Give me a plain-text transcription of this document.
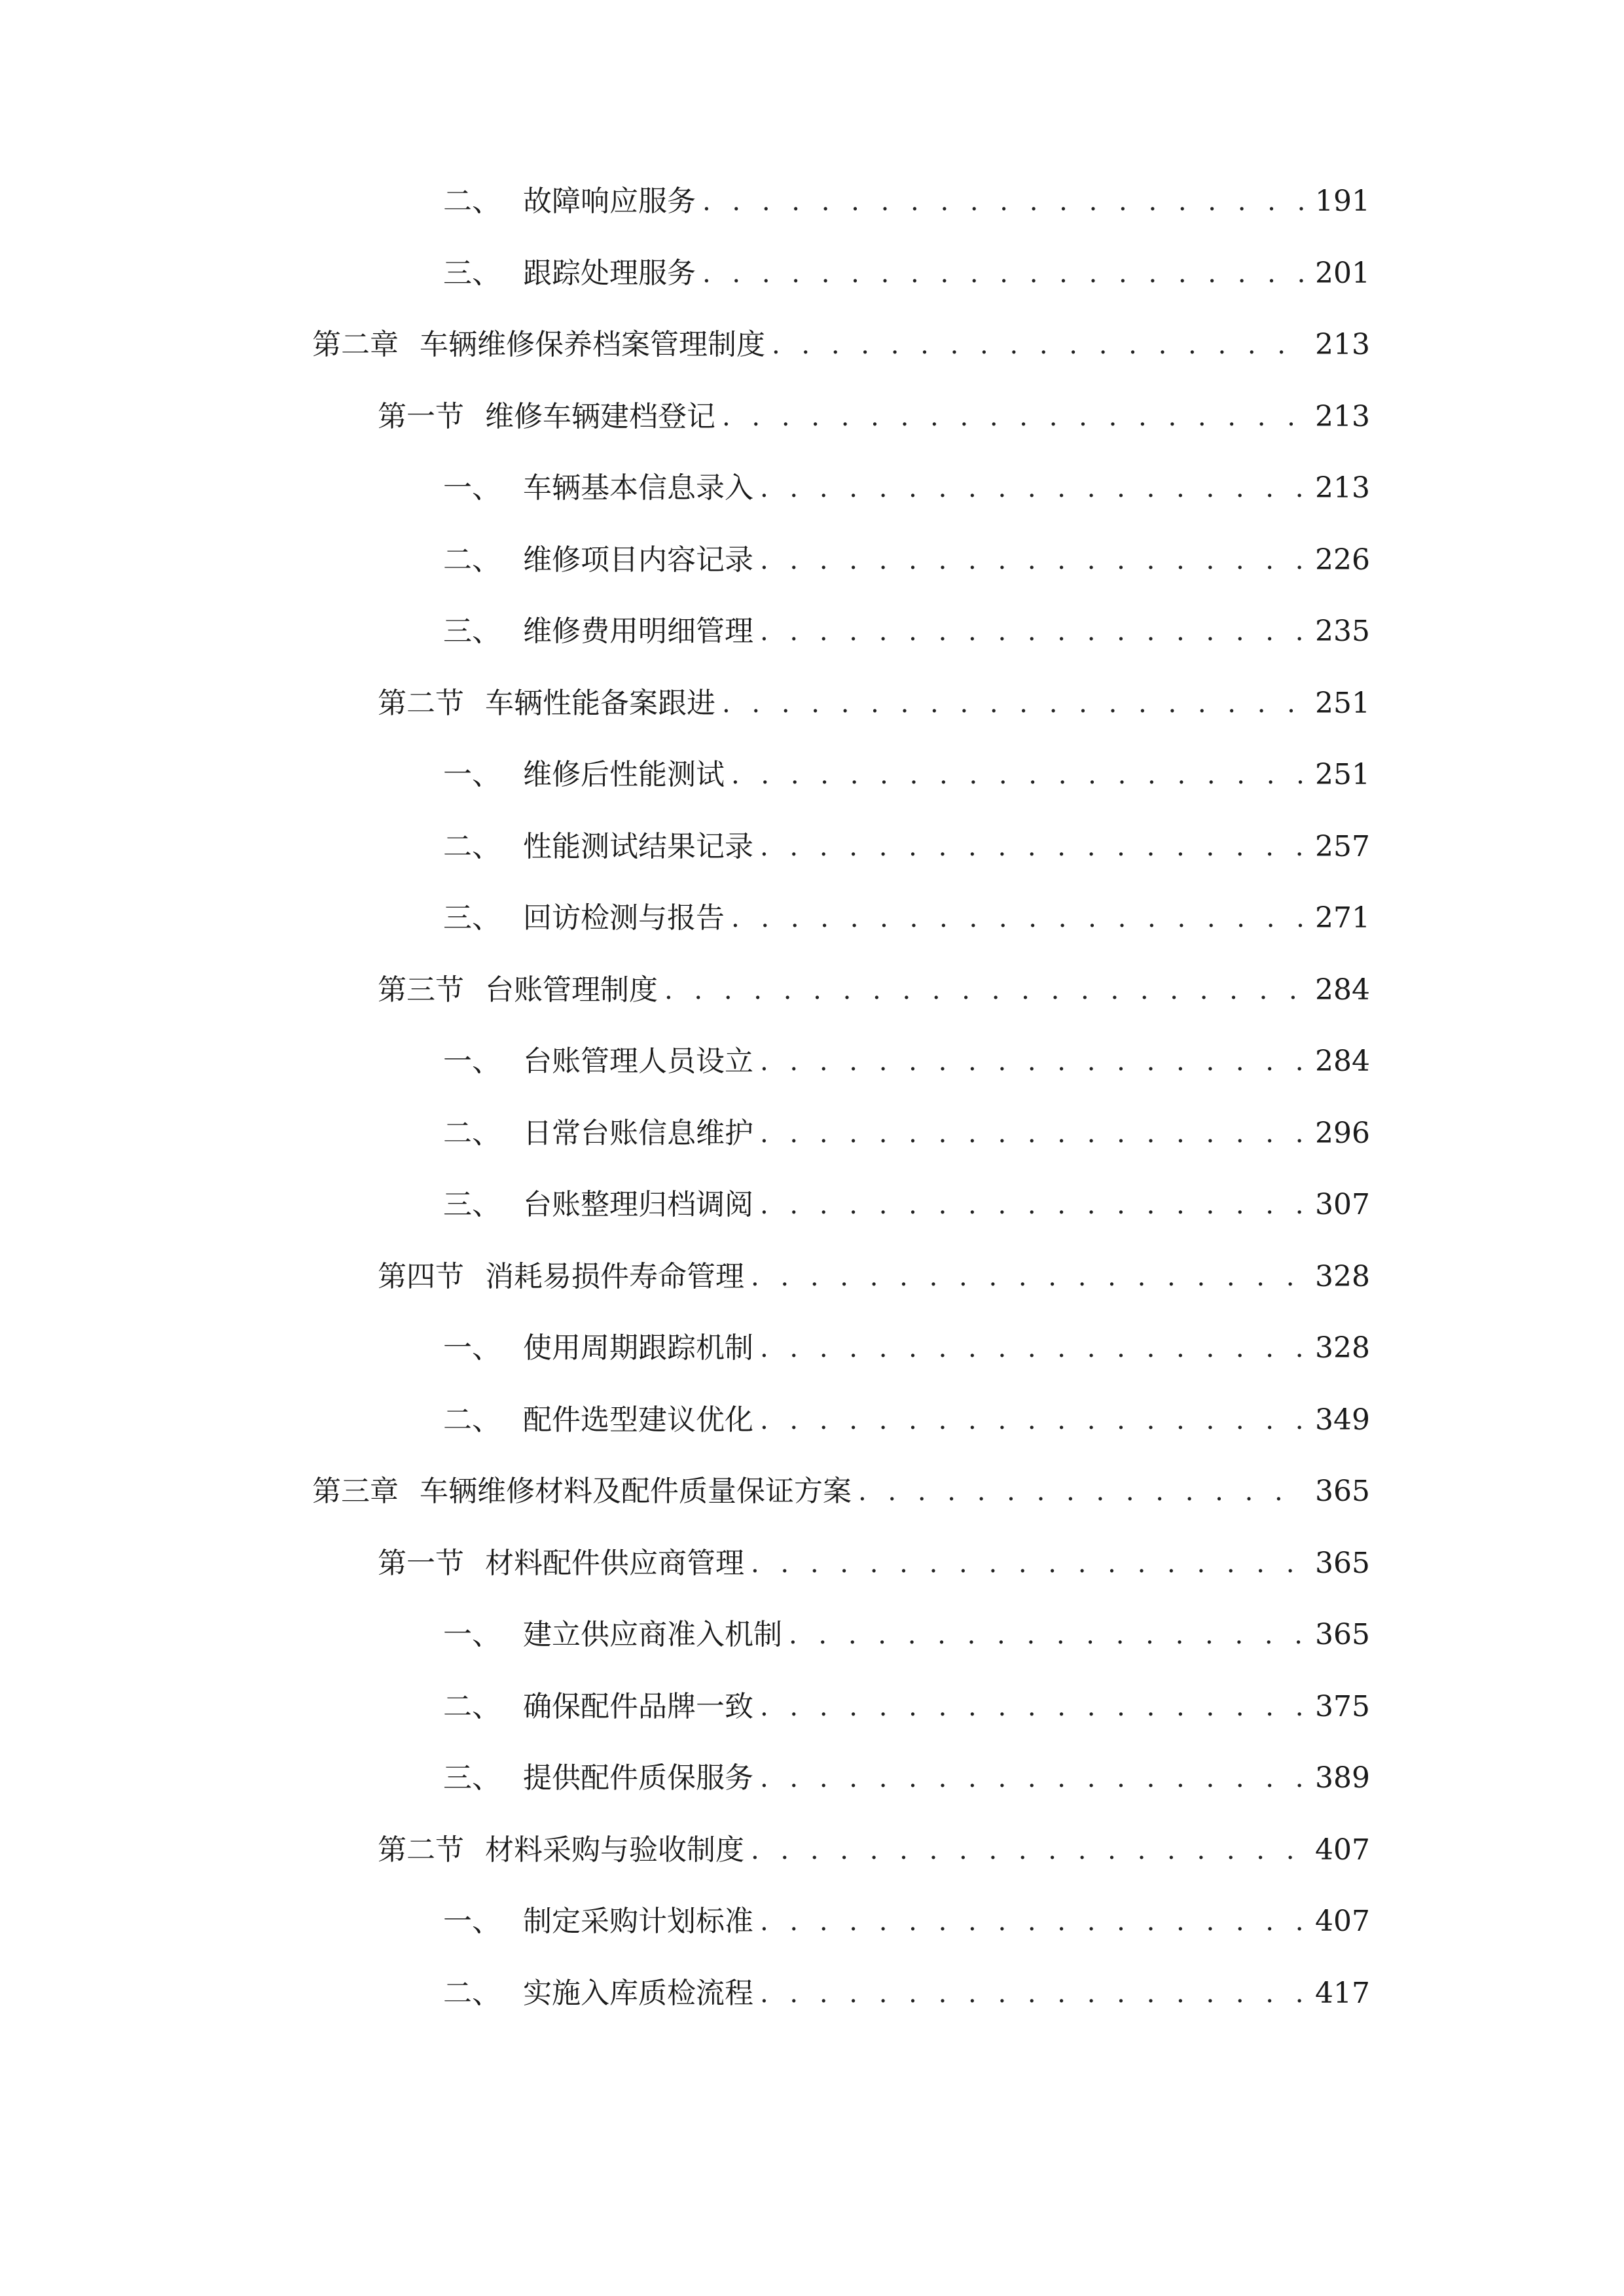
二、 故障响应服务 . . .	191
三、 跟踪处理服务 . . .	201
第二章 车辆维修保养档案管理制度 . . .	213
第一节 维修车辆建档登记 . . .	213
一、 车辆基本信息录入 . . .	213
二、 维修项目内容记录 . . .	226
三、 维修费用明细管理 . . .	235
第二节 车辆性能备案跟进 . . .	251
一、 维修后性能测试 . . .	251
二、 性能测试结果记录 . . .	257
三、 回访检测与报告 . . .	271
第三节 台账管理制度 . . .	284
一、 台账管理人员设立 . . .	284
二、 日常台账信息维护 . . .	296
三、 台账整理归档调阅 . . .	307
第四节 消耗易损件寿命管理 . . .	328
一、 使用周期跟踪机制 . . .	328
二、 配件选型建议优化 . . .	349
第三章 车辆维修材料及配件质量保证方案 . . .	365
第一节 材料配件供应商管理 . . .	365
一、 建立供应商准入机制 . . .	365
二、 确保配件品牌一致 . . .	375
三、 提供配件质保服务 . . .	389
第二节 材料采购与验收制度 . . .	407
一、 制定采购计划标准 . . .	407
二、 实施入库质检流程 . . .	417
